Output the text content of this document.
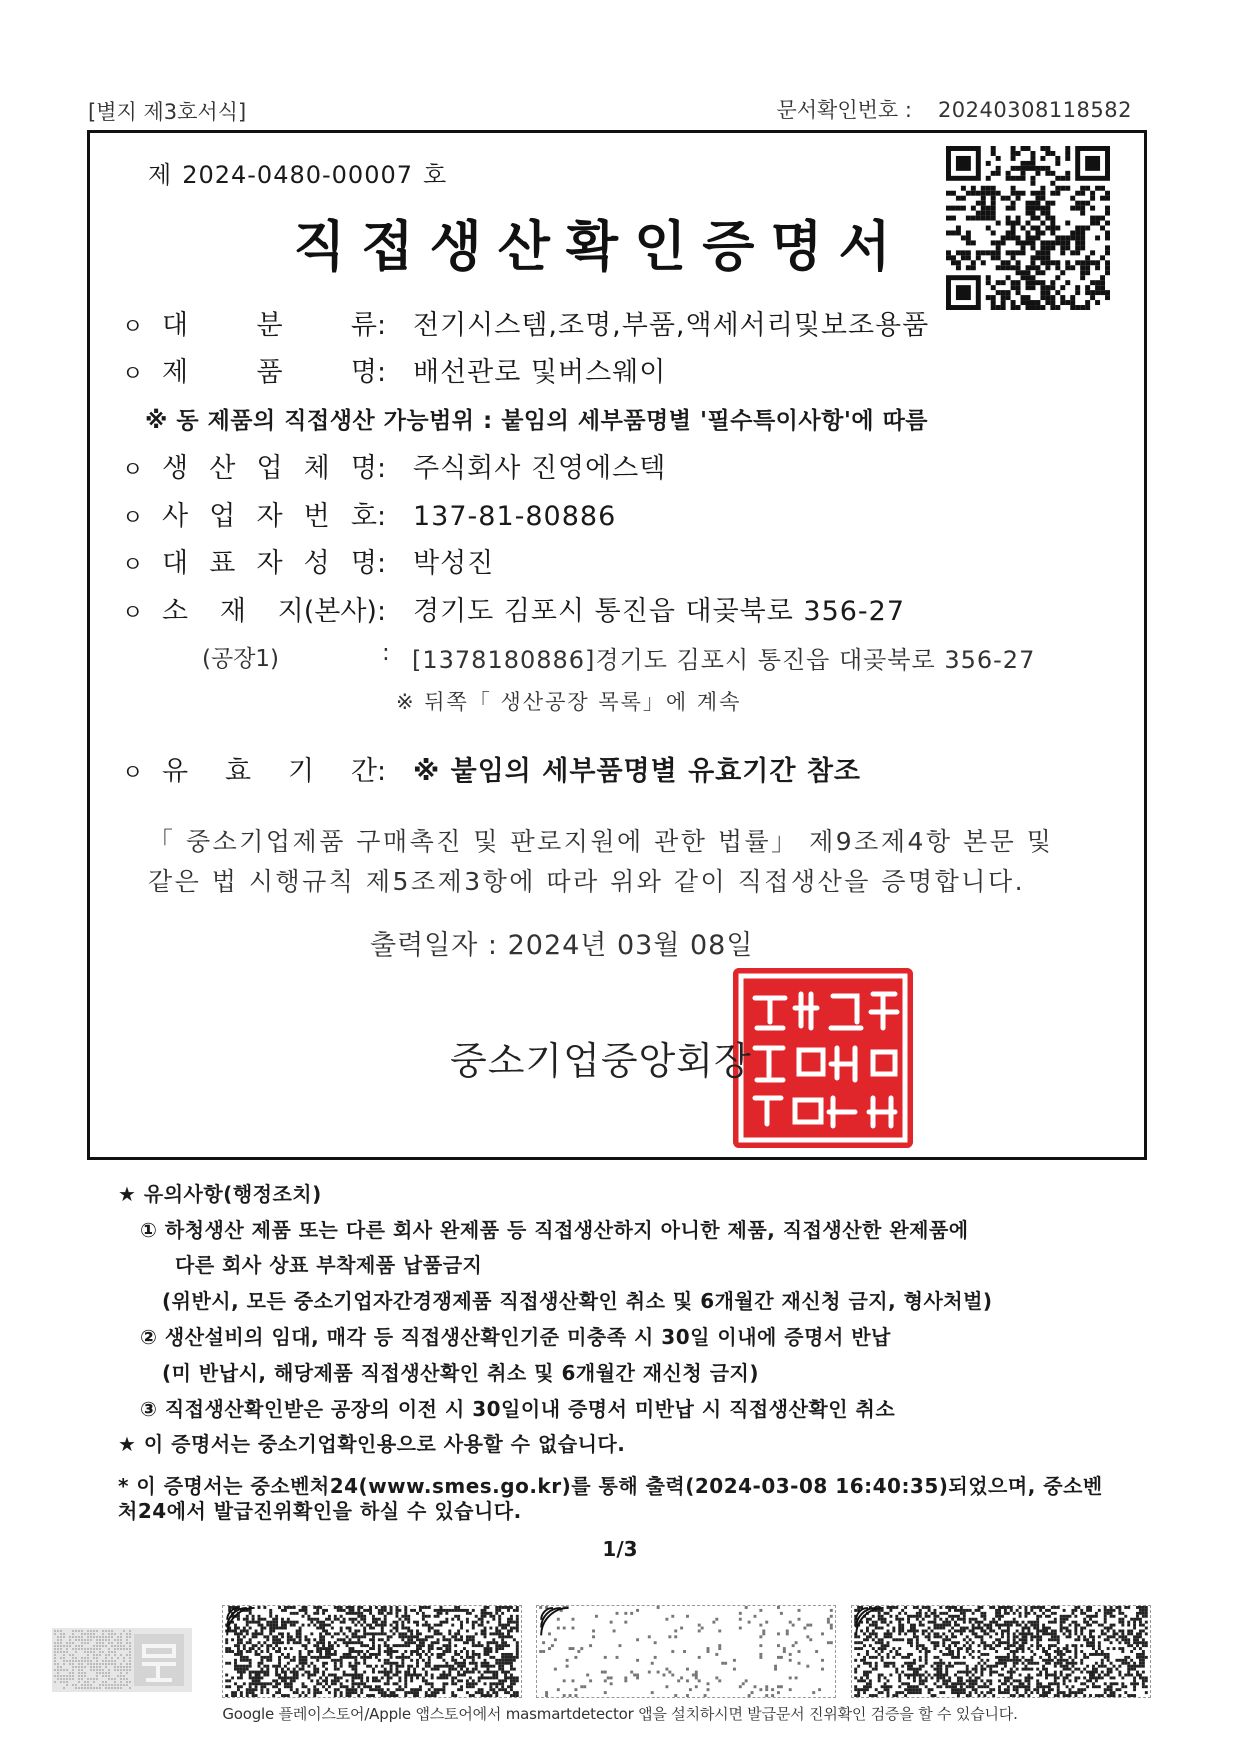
[별지 제3호서식]	문서확인번호 : 20240308118582
제 2024-0480-00007 호
직접생산확인증명서
ㅇ 대	분	류 : 전기시스템,조명,부품,액세서리및보조용품
ㅇ 제	품	명 : 배선관로 및버스웨이
※ 동 제품의 직접생산 가능범위 : 붙임의 세부품명별 '필수특이사항'에 따름
ㅇ 생 산 업 체 명 : 주식회사 진영에스텍
ㅇ 사 업 자 번 호 : 137-81-80886
ㅇ 대 표 자 성 명 : 박성진
ㅇ 소 재 지(본사) : 경기도 김포시 통진읍 대곶북로 356-27
(공장1)	: [1378180886]경기도 김포시 통진읍 대곶북로 356-27
※ 뒤쪽「 생산공장 목록」에 계속
ㅇ 유 효 기 간 : ※ 붙임의 세부품명별 유효기간 참조
「 중소기업제품 구매촉진 및 판로지원에 관한 법률」 제9조제4항 본문 및
같은 법 시행규칙 제5조제3항에 따라 위와 같이 직접생산을 증명합니다.
출력일자 : 2024년 03월 08일
중소기업중앙회장
★ 유의사항(행정조치)
① 하청생산 제품 또는 다른 회사 완제품 등 직접생산하지 아니한 제품, 직접생산한 완제품에
다른 회사 상표 부착제품 납품금지
(위반시, 모든 중소기업자간경쟁제품 직접생산확인 취소 및 6개월간 재신청 금지, 형사처벌)
② 생산설비의 임대, 매각 등 직접생산확인기준 미충족 시 30일 이내에 증명서 반납
(미 반납시, 해당제품 직접생산확인 취소 및 6개월간 재신청 금지)
③ 직접생산확인받은 공장의 이전 시 30일이내 증명서 미반납 시 직접생산확인 취소
★ 이 증명서는 중소기업확인용으로 사용할 수 없습니다.
* 이 증명서는 중소벤처24(www.smes.go.kr)를 통해 출력(2024-03-08 16:40:35)되었으며, 중소벤
처24에서 발급진위확인을 하실 수 있습니다.
1/3
Google 플레이스토어/Apple 앱스토어에서 masmartdetector 앱을 설치하시면 발급문서 진위확인 검증을 할 수 있습니다.
